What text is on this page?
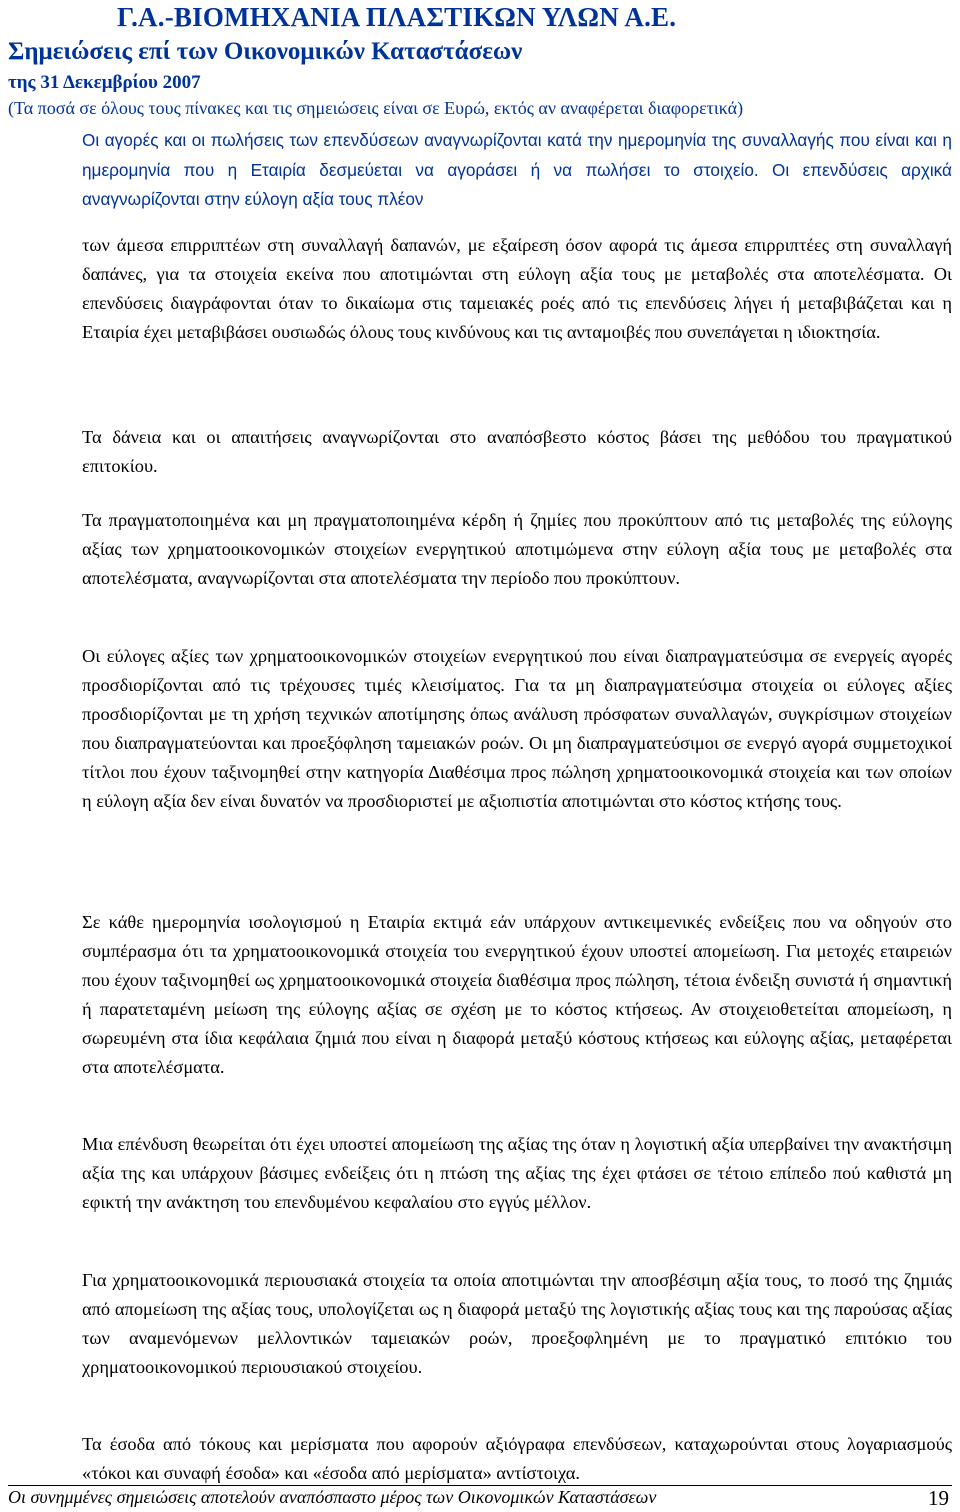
Γ.Α.-ΒΙΟΜΗΧΑΝΙΑ ΠΛΑΣΤΙΚΩΝ ΥΛΩΝ Α.Ε.
Σημειώσεις επί των Οικονομικών Καταστάσεων
της 31 Δεκεμβρίου 2007
(Τα ποσά σε όλους τους πίνακες και τις σημειώσεις είναι σε Ευρώ, εκτός αν αναφέρεται διαφορετικά)

Οι αγορές και οι πωλήσεις των επενδύσεων αναγνωρίζονται κατά την ημερομηνία της συναλλαγής που είναι και η ημερομηνία που η Εταιρία δεσμεύεται να αγοράσει ή να πωλήσει το στοιχείο. Οι επενδύσεις αρχικά αναγνωρίζονται στην εύλογη αξία τους πλέον

των άμεσα επιρριπτέων στη συναλλαγή δαπανών, με εξαίρεση όσον αφορά τις άμεσα επιρριπτέες στη συναλλαγή δαπάνες, για τα στοιχεία εκείνα που αποτιμώνται στη εύλογη αξία τους με μεταβολές στα αποτελέσματα. Οι επενδύσεις διαγράφονται όταν το δικαίωμα στις ταμειακές ροές από τις επενδύσεις λήγει ή μεταβιβάζεται και η Εταιρία έχει μεταβιβάσει ουσιωδώς όλους τους κινδύνους και τις ανταμοιβές που συνεπάγεται η ιδιοκτησία.

Τα δάνεια και οι απαιτήσεις αναγνωρίζονται στο αναπόσβεστο κόστος βάσει της μεθόδου του πραγματικού επιτοκίου.

Τα πραγματοποιημένα και μη πραγματοποιημένα κέρδη ή ζημίες που προκύπτουν από τις μεταβολές της εύλογης αξίας των χρηματοοικονομικών στοιχείων ενεργητικού αποτιμώμενα στην εύλογη αξία τους με μεταβολές στα αποτελέσματα, αναγνωρίζονται στα αποτελέσματα την περίοδο που προκύπτουν.

Οι εύλογες αξίες των χρηματοοικονομικών στοιχείων ενεργητικού που είναι διαπραγματεύσιμα σε ενεργείς αγορές προσδιορίζονται από τις τρέχουσες τιμές κλεισίματος. Για τα μη διαπραγματεύσιμα στοιχεία οι εύλογες αξίες προσδιορίζονται με τη χρήση τεχνικών αποτίμησης όπως ανάλυση πρόσφατων συναλλαγών, συγκρίσιμων στοιχείων που διαπραγματεύονται και προεξόφληση ταμειακών ροών. Οι μη διαπραγματεύσιμοι σε ενεργό αγορά συμμετοχικοί τίτλοι που έχουν ταξινομηθεί στην κατηγορία Διαθέσιμα προς πώληση χρηματοοικονομικά στοιχεία και των οποίων η εύλογη αξία δεν είναι δυνατόν να προσδιοριστεί με αξιοπιστία αποτιμώνται στο κόστος κτήσης τους.

Σε κάθε ημερομηνία ισολογισμού η Εταιρία εκτιμά εάν υπάρχουν αντικειμενικές ενδείξεις που να οδηγούν στο συμπέρασμα ότι τα χρηματοοικονομικά στοιχεία του ενεργητικού έχουν υποστεί απομείωση. Για μετοχές εταιρειών που έχουν ταξινομηθεί ως χρηματοοικονομικά στοιχεία διαθέσιμα προς πώληση, τέτοια ένδειξη συνιστά ή σημαντική ή παρατεταμένη μείωση της εύλογης αξίας σε σχέση με το κόστος κτήσεως. Αν στοιχειοθετείται απομείωση, η σωρευμένη στα ίδια κεφάλαια ζημιά που είναι η διαφορά μεταξύ κόστους κτήσεως και εύλογης αξίας, μεταφέρεται στα αποτελέσματα.

Μια επένδυση θεωρείται ότι έχει υποστεί απομείωση της αξίας της όταν η λογιστική αξία υπερβαίνει την ανακτήσιμη αξία της και υπάρχουν βάσιμες ενδείξεις ότι η πτώση της αξίας της έχει φτάσει σε τέτοιο επίπεδο πού καθιστά μη εφικτή την ανάκτηση του επενδυμένου κεφαλαίου στο εγγύς μέλλον.

Για χρηματοοικονομικά περιουσιακά στοιχεία τα οποία αποτιμώνται την αποσβέσιμη αξία τους, το ποσό της ζημιάς από απομείωση της αξίας τους, υπολογίζεται ως η διαφορά μεταξύ της λογιστικής αξίας τους και της παρούσας αξίας των αναμενόμενων μελλοντικών ταμειακών ροών, προεξοφλημένη με το πραγματικό επιτόκιο του χρηματοοικονομικού περιουσιακού στοιχείου.

Τα έσοδα από τόκους και μερίσματα που αφορούν αξιόγραφα επενδύσεων, καταχωρούνται στους λογαριασμούς «τόκοι και συναφή έσοδα» και «έσοδα από μερίσματα» αντίστοιχα.

Οι συνημμένες σημειώσεις αποτελούν αναπόσπαστο μέρος των Οικονομικών Καταστάσεων	19
